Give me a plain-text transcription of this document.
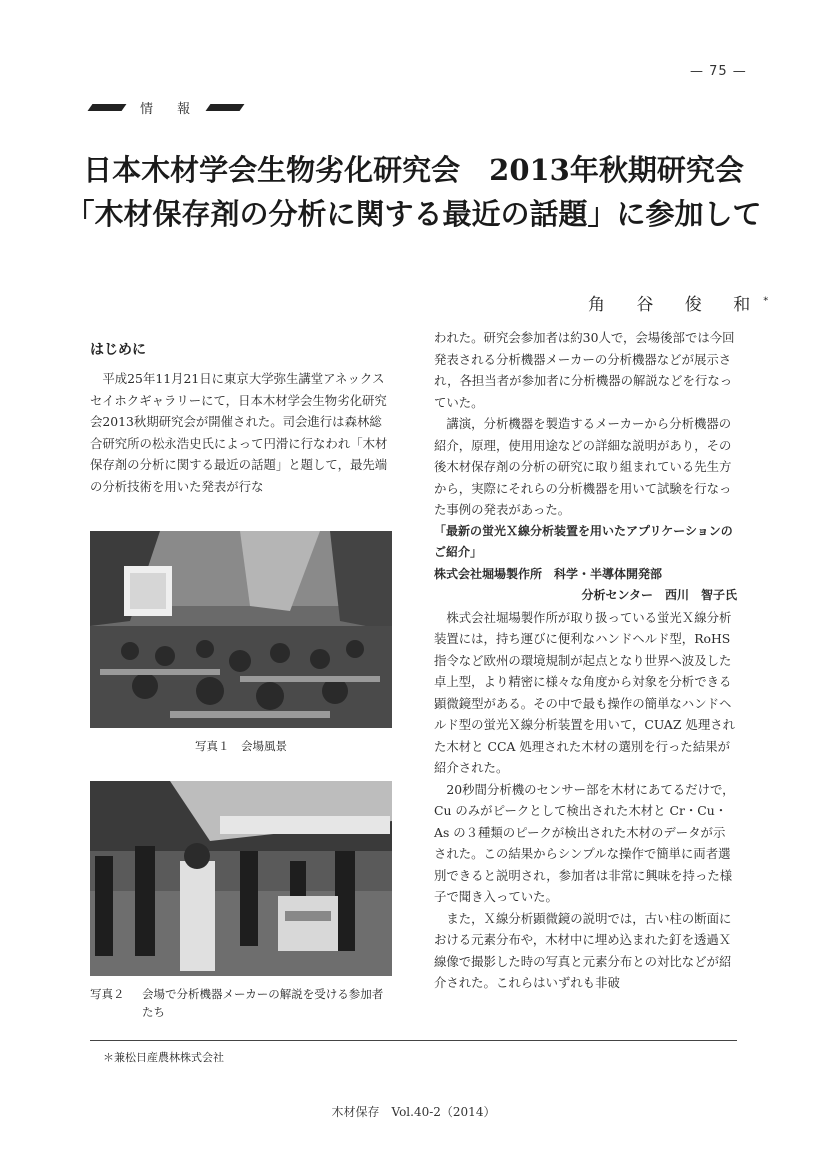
— 75 —
情 報
日本木材学会生物劣化研究会　2013年秋期研究会
「木材保存剤の分析に関する最近の話題」に参加して
角 谷 俊 和*
はじめに

平成25年11月21日に東京大学弥生講堂アネックス セイホクギャラリーにて，日本木材学会生物劣化研究会2013秋期研究会が開催された。司会進行は森林総合研究所の松永浩史氏によって円滑に行なわれ「木材保存剤の分析に関する最近の話題」と題して，最先端の分析技術を用いた発表が行な

写真１　会場風景
写真２ 会場で分析機器メーカーの解説を受ける参加者たち

われた。研究会参加者は約30人で，会場後部では今回発表される分析機器メーカーの分析機器などが展示され，各担当者が参加者に分析機器の解説などを行なっていた。

講演，分析機器を製造するメーカーから分析機器の紹介，原理，使用用途などの詳細な説明があり，その後木材保存剤の分析の研究に取り組まれている先生方から，実際にそれらの分析機器を用いて試験を行なった事例の発表があった。

「最新の蛍光Ｘ線分析装置を用いたアプリケーションのご紹介」

株式会社堀場製作所　科学・半導体開発部

分析センター　西川　智子氏

株式会社堀場製作所が取り扱っている蛍光Ｘ線分析装置には，持ち運びに便利なハンドヘルド型，RoHS 指令など欧州の環境規制が起点となり世界へ波及した卓上型，より精密に様々な角度から対象を分析できる顕微鏡型がある。その中で最も操作の簡単なハンドヘルド型の蛍光Ｘ線分析装置を用いて，CUAZ 処理された木材と CCA 処理された木材の選別を行った結果が紹介された。

20秒間分析機のセンサー部を木材にあてるだけで，Cu のみがピークとして検出された木材と Cr・Cu・As の３種類のピークが検出された木材のデータが示された。この結果からシンプルな操作で簡単に両者選別できると説明され，参加者は非常に興味を持った様子で聞き入っていた。

また，Ｘ線分析顕微鏡の説明では，古い柱の断面における元素分布や，木材中に埋め込まれた釘を透過Ｘ線像で撮影した時の写真と元素分布との対比などが紹介された。これらはいずれも非破

＊兼松日産農林株式会社
木材保存　Vol.40-2（2014）
